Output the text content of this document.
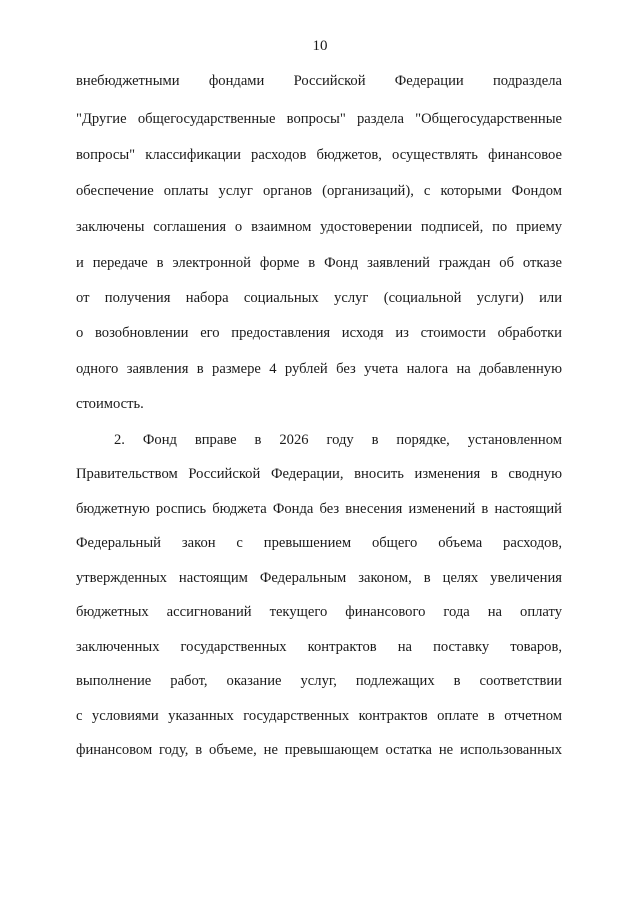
10
внебюджетными фондами Российской Федерации подраздела
"Другие общегосударственные вопросы" раздела "Общегосударственные
вопросы" классификации расходов бюджетов, осуществлять финансовое
обеспечение оплаты услуг органов (организаций), с которыми Фондом
заключены соглашения о взаимном удостоверении подписей, по приему
и передаче в электронной форме в Фонд заявлений граждан об отказе
от получения набора социальных услуг (социальной услуги) или
о возобновлении его предоставления исходя из стоимости обработки
одного заявления в размере 4 рублей без учета налога на добавленную
стоимость.
2. Фонд вправе в 2026 году в порядке, установленном
Правительством Российской Федерации, вносить изменения в сводную
бюджетную роспись бюджета Фонда без внесения изменений в настоящий
Федеральный закон с превышением общего объема расходов,
утвержденных настоящим Федеральным законом, в целях увеличения
бюджетных ассигнований текущего финансового года на оплату
заключенных государственных контрактов на поставку товаров,
выполнение работ, оказание услуг, подлежащих в соответствии
с условиями указанных государственных контрактов оплате в отчетном
финансовом году, в объеме, не превышающем остатка не использованных
